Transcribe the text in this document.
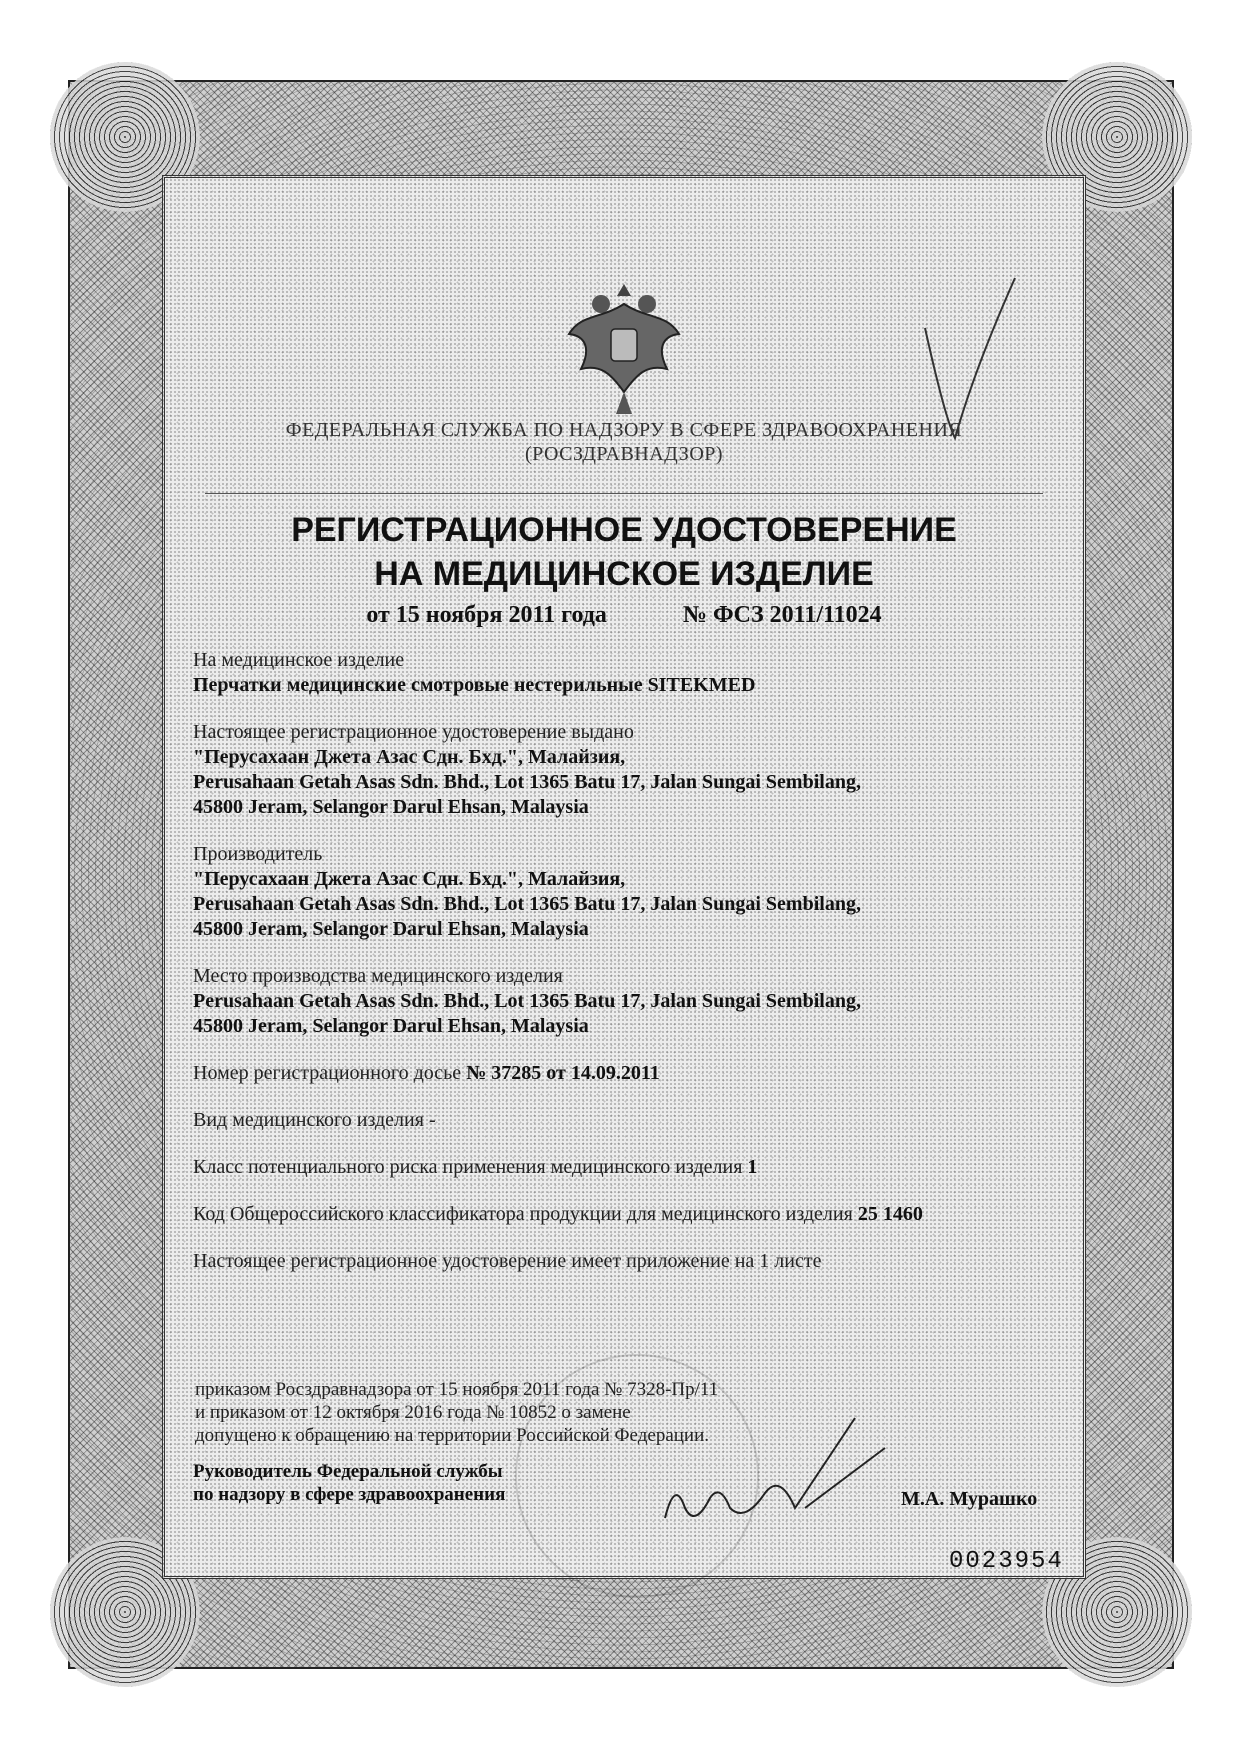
ФЕДЕРАЛЬНАЯ СЛУЖБА ПО НАДЗОРУ В СФЕРЕ ЗДРАВООХРАНЕНИЯ
(РОСЗДРАВНАДЗОР)
РЕГИСТРАЦИОННОЕ УДОСТОВЕРЕНИЕ
НА МЕДИЦИНСКОЕ ИЗДЕЛИЕ
от 15 ноября 2011 года	№ ФСЗ 2011/11024
На медицинское изделие
Перчатки медицинские смотровые нестерильные SITEKMED
Настоящее регистрационное удостоверение выдано
"Перусахаан Джета Азас Сдн. Бхд.", Малайзия,
Perusahaan Getah Asas Sdn. Bhd., Lot 1365 Batu 17, Jalan Sungai Sembilang,
45800 Jeram, Selangor Darul Ehsan, Malaysia
Производитель
"Перусахаан Джета Азас Сдн. Бхд.", Малайзия,
Perusahaan Getah Asas Sdn. Bhd., Lot 1365 Batu 17, Jalan Sungai Sembilang,
45800 Jeram, Selangor Darul Ehsan, Malaysia
Место производства медицинского изделия
Perusahaan Getah Asas Sdn. Bhd., Lot 1365 Batu 17, Jalan Sungai Sembilang,
45800 Jeram, Selangor Darul Ehsan, Malaysia
Номер регистрационного досье № 37285 от 14.09.2011
Вид медицинского изделия -
Класс потенциального риска применения медицинского изделия 1
Код Общероссийского классификатора продукции для медицинского изделия 25 1460
Настоящее регистрационное удостоверение имеет приложение на 1 листе
приказом Росздравнадзора от 15 ноября 2011 года № 7328-Пр/11
и приказом от 12 октября 2016 года № 10852 о замене
допущено к обращению на территории Российской Федерации.
Руководитель Федеральной службы
по надзору в сфере здравоохранения	М.А. Мурашко
0023954
